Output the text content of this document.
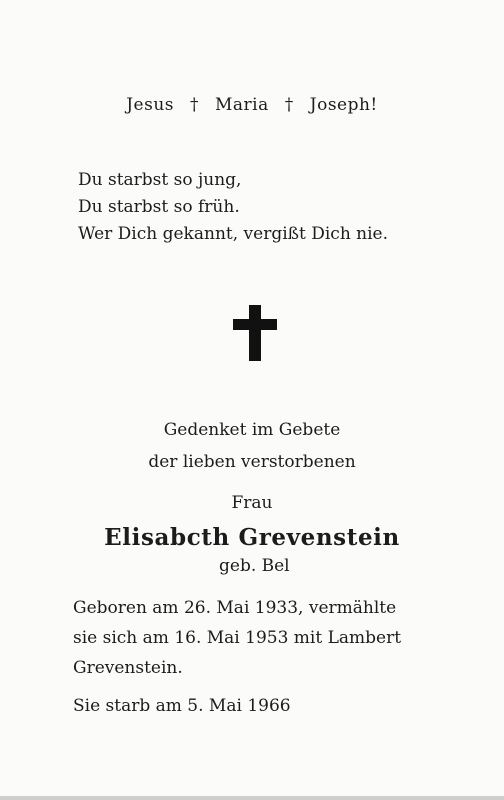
Jesus † Maria † Joseph!
Du starbst so jung,
Du starbst so früh.
Wer Dich gekannt, vergißt Dich nie.
Gedenket im Gebete
der lieben verstorbenen
Frau
Elisabcth Grevenstein
geb. Bel
Geboren am 26. Mai 1933, vermählte
sie sich am 16. Mai 1953 mit Lambert
Grevenstein.
Sie starb am 5. Mai 1966
